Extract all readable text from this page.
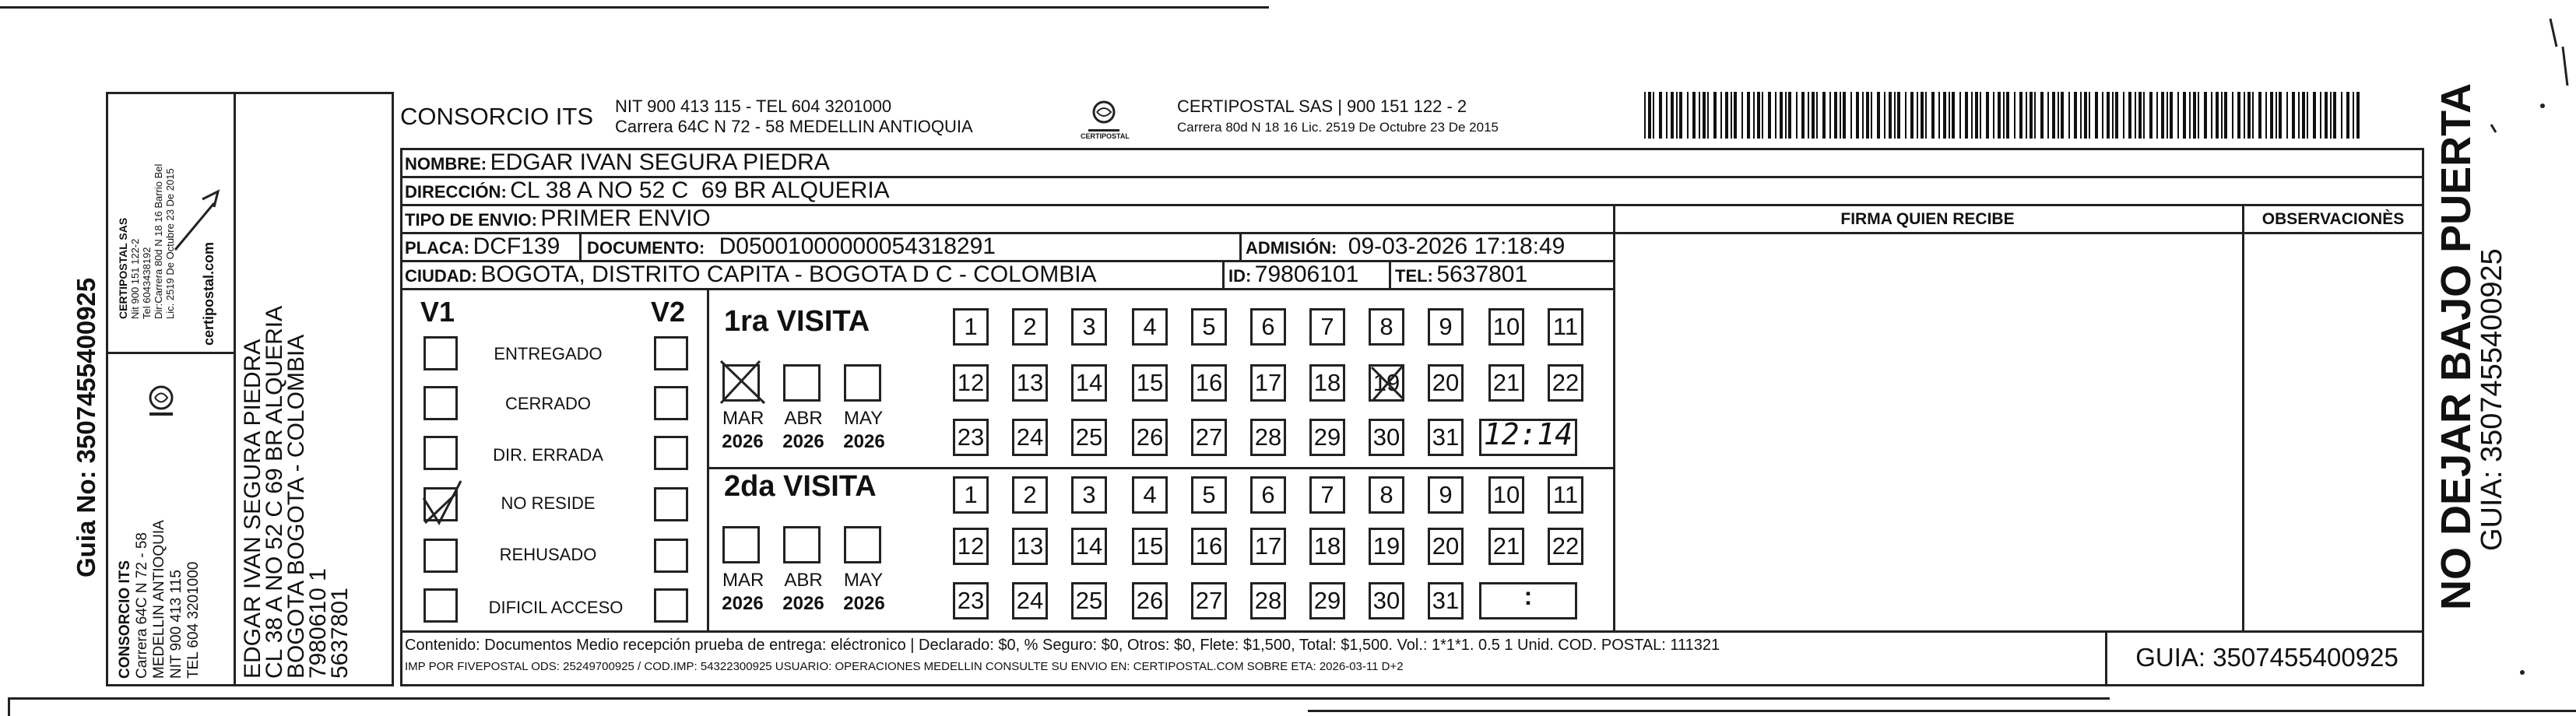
Guia No: 3507455400925
CONSORCIO ITS Carrera 64C N 72 - 58 MEDELLIN ANTIOQUIA NIT 900 413 115 TEL 604 3201000
CERTIPOSTAL SAS Nit 900 151 122-2 Tel 6043438192 Dir:Carrera 80d N 18 16 Barrio Bel Lic. 2519 De Octubre 23 De 2015 certipostal.com
EDGAR IVAN SEGURA PIEDRA
CL 38 A NO 52 C 69 BR ALQUERIA
BOGOTA BOGOTA - COLOMBIA
7980610 1
5637801
CONSORCIO ITS NIT 900 413 115 - TEL 604 3201000
Carrera 64C N 72 - 58 MEDELLIN ANTIOQUIA	CERTIPOSTAL
CERTIPOSTAL SAS | 900 151 122 - 2
Carrera 80d N 18 16 Lic. 2519 De Octubre 23 De 2015
NOMBRE: EDGAR IVAN SEGURA PIEDRA
DIRECCIÓN: CL 38 A NO 52 C  69 BR ALQUERIA
TIPO DE ENVIO: PRIMER ENVIO	FIRMA QUIEN RECIBE	OBSERVACIONÈS
PLACA: DCF139 DOCUMENTO: D05001000000054318291	ADMISIÓN: 09-03-2026 17:18:49
CIUDAD: BOGOTA, DISTRITO CAPITA - BOGOTA D C - COLOMBIA	ID: 79806101 TEL: 5637801
V1	V2
ENTREGADO
CERRADO
DIR. ERRADA
NO RESIDE
REHUSADO
DIFICIL ACCESO
1ra VISITA
MAR ABR MAY
2026 2026 2026
1	2	3	4	5	6	7	8	9	10 11
12 13 14 15 16 17 18 19 20 21 22
23 24 25 26 27 28 29 30 31 12:14
2da VISITA
MAR ABR MAY
2026 2026 2026
1	2	3	4	5	6	7	8	9	10 11
12 13 14 15 16 17 18 19 20 21 22
23 24 25 26 27 28 29 30 31	:
Contenido: Documentos Medio recepción prueba de entrega: eléctronico | Declarado: $0, % Seguro: $0, Otros: $0, Flete: $1,500, Total: $1,500. Vol.: 1*1*1. 0.5 1 Unid. COD. POSTAL: 111321
IMP POR FIVEPOSTAL ODS: 25249700925 / COD.IMP: 54322300925 USUARIO: OPERACIONES MEDELLIN CONSULTE SU ENVIO EN: CERTIPOSTAL.COM SOBRE ETA: 2026-03-11 D+2	GUIA: 3507455400925
NO DEJAR BAJO PUERTA
GUIA: 3507455400925
